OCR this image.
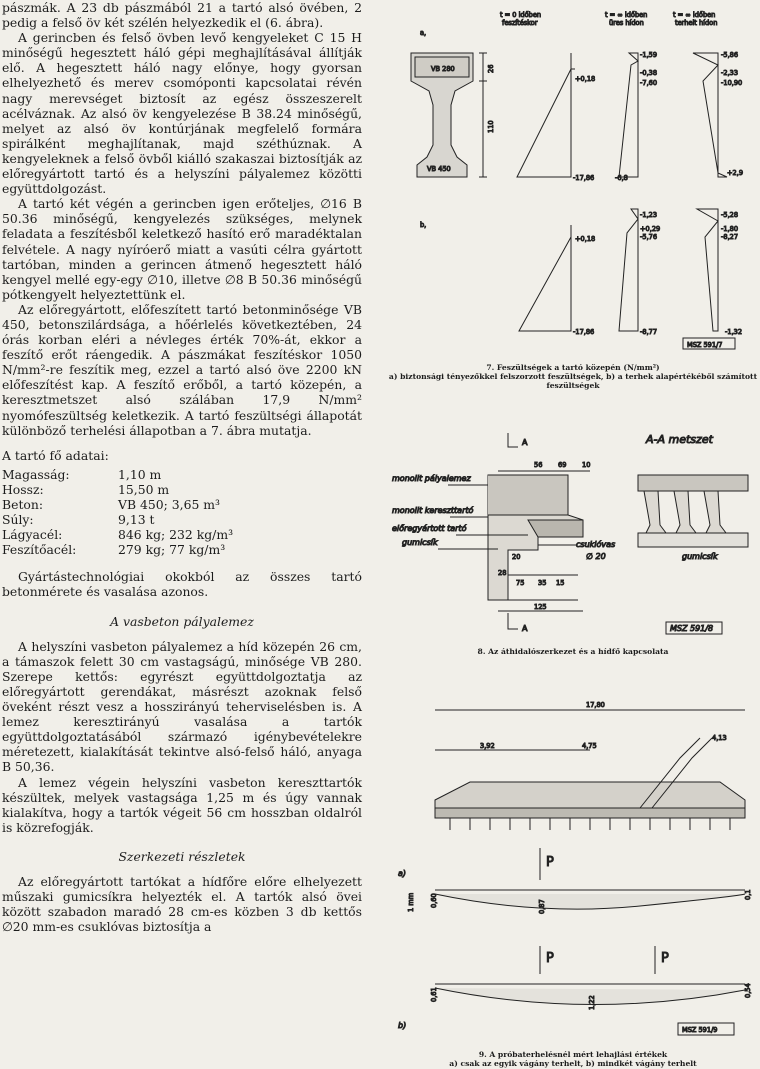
pászmák. A 23 db pászmából 21 a tartó alsó övében, 2 pedig a felső öv két szélén helyezkedik el (6. ábra).

A gerincben és felső övben levő kengyeleket C 15 H minőségű hegesztett háló gépi meghajlításával állítják elő. A hegesztett háló nagy előnye, hogy gyorsan elhelyezhető és merev csomóponti kapcsolatai révén nagy merevséget biztosít az egész összeszerelt acélváznak. Az alsó öv kengyelezése B 38.24 minőségű, melyet az alsó öv kontúrjának megfelelő formára spirálként meghajlítanak, majd széthúznak. A kengyeleknek a felső övből kiálló szakaszai biztosítják az előregyártott tartó és a helyszíni pályalemez közötti együttdolgozást.

A tartó két végén a gerincben igen erőteljes, ∅16 B 50.36 minőségű, kengyelezés szükséges, melynek feladata a feszítésből keletkező hasító erő maradéktalan felvétele. A nagy nyíróerő miatt a vasúti célra gyártott tartóban, minden a gerincen átmenő hegesztett háló kengyel mellé egy-egy ∅10, illetve ∅8 B 50.36 minőségű pótkengyelt helyeztettünk el.

Az előregyártott, előfeszített tartó betonminősége VB 450, betonszilárdsága, a hőérlelés következtében, 24 órás korban eléri a névleges érték 70%-át, ekkor a feszítő erőt ráengedik. A pászmákat feszítéskor 1050 N/mm²-re feszítik meg, ezzel a tartó alsó öve 2200 kN előfeszítést kap. A feszítő erőből, a tartó közepén, a keresztmetszet alsó szálában 17,9 N/mm² nyomófeszültség keletkezik. A tartó feszültségi állapotát különböző terhelési állapotban a 7. ábra mutatja.

A tartó fő adatai:

Magasság:	1,10 m
Hossz:	15,50 m
Beton:	VB 450; 3,65 m³
Súly:	9,13 t
Lágyacél:	846 kg; 232 kg/m³
Feszítőacél:	279 kg; 77 kg/m³

Gyártástechnológiai okokból az összes tartó betonmérete és vasalása azonos.

A vasbeton pályalemez

A helyszíni vasbeton pályalemez a híd közepén 26 cm, a támaszok felett 30 cm vastagságú, minősége VB 280. Szerepe kettős: egyrészt együttdolgoztatja az előregyártott gerendákat, másrészt azoknak felső öveként részt vesz a hosszirányú teherviselésben is. A lemez keresztirányú vasalása a tartók együttdolgoztatásából származó igénybevételekre méretezett, kialakítását tekintve alsó-felső háló, anyaga B 50,36.

A lemez végein helyszíni vasbeton kereszttartók készültek, melyek vastagsága 1,25 m és úgy vannak kialakítva, hogy a tartók végeit 56 cm hosszban oldalról is közrefogják.

Szerkezeti részletek

Az előregyártott tartókat a hídfőre előre elhelyezett műszaki gumicsíkra helyezték el. A tartók alsó övei között szabadon maradó 28 cm-es közben 3 db kettős ∅20 mm-es csuklóvas biztosítja a

t = 0 időben
feszítéskor
t = ∞ időben
üres hídon
t = ∞ időben
terhelt hídon
a,
VB 280
VB 450
26
110
+0,18
-17,86
-1,59
-0,38
-7,60
-6,8
-5,86
-2,33
-10,90
+2,9
b,
+0,18
-17,86
-1,23
+0,29
-5,76
-8,77
-5,28
-1,80
-8,27
-1,32
MSZ 591/7
7. Feszültségek a tartó közepén (N/mm²)
a) biztonsági tényezőkkel felszorzott feszültségek, b) a terhek alapértékéből számított feszültségek
A	A-A metszet
56 69 10
monolit pályalemez
monolit kereszttartó
előregyártott tartó
gumicsík	csuklóvas
∅ 20
20
28
75 35 15
125
A
gumicsík
MSZ 591/8
8. Az áthidalószerkezet és a hídfő kapcsolata
17,80
3,92	4,75
4,13
a)
P
1 mm 0,60	0,87
0,1
P	P
0,61
1,22
0,54
b)	MSZ 591/9
9. A próbaterhelésnél mért lehajlási értékek
a) csak az egyik vágány terhelt, b) mindkét vágány terhelt
